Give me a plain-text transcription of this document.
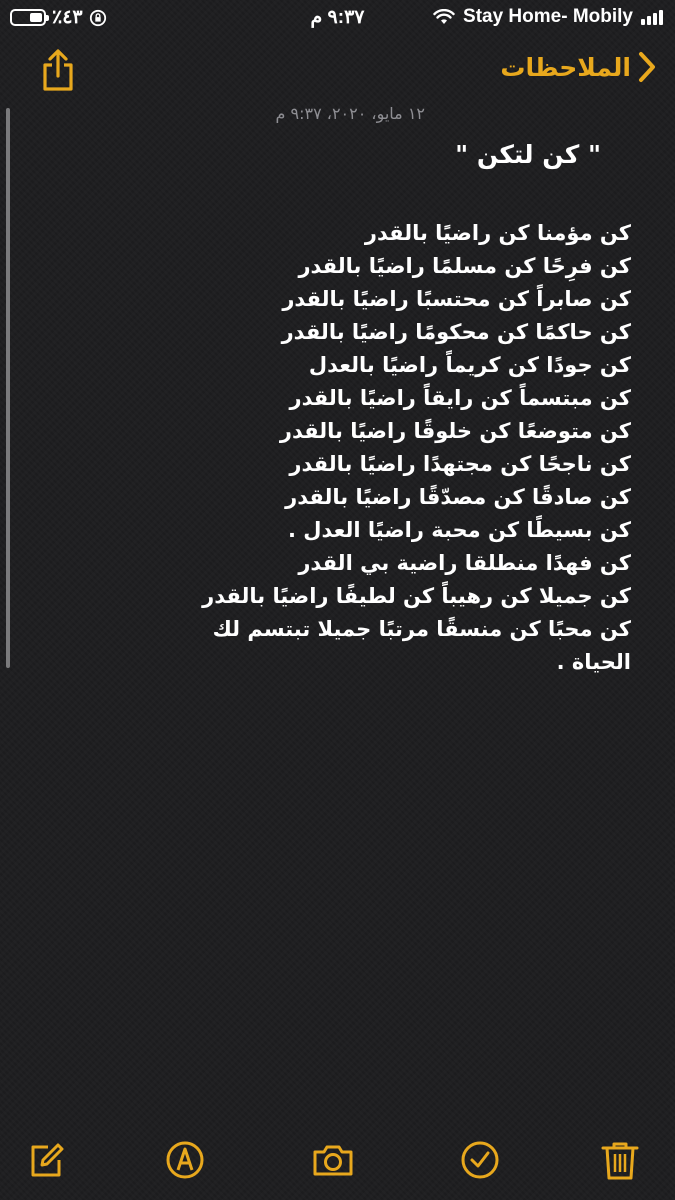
٪٤٣	٩:٣٧ م	Stay Home- Mobily
الملاحظات
١٢ مايو، ٢٠٢٠، ٩:٣٧ م
" كن لتكن "
كن مؤمنا كن راضيًا بالقدر
كن فرِحًا كن مسلمًا راضيًا بالقدر
كن صابراً كن محتسبًا راضيًا بالقدر
كن حاكمًا كن محكومًا راضيًا بالقدر
كن جودًا كن كريماً راضيًا بالعدل
كن مبتسماً كن رايقاً راضيًا بالقدر
كن متوضعًا كن خلوقًا راضيًا بالقدر
كن ناجحًا كن مجتهدًا راضيًا بالقدر
كن صادقًا كن مصدّقًا راضيًا بالقدر
كن بسيطًا كن محبة راضيًا العدل .
كن فهدًا منطلقا راضية بي القدر
كن جميلا كن رهيباً كن لطيفًا راضيًا بالقدر
كن محبًا كن منسقًا مرتبًا جميلا تبتسم لك
الحياة .
